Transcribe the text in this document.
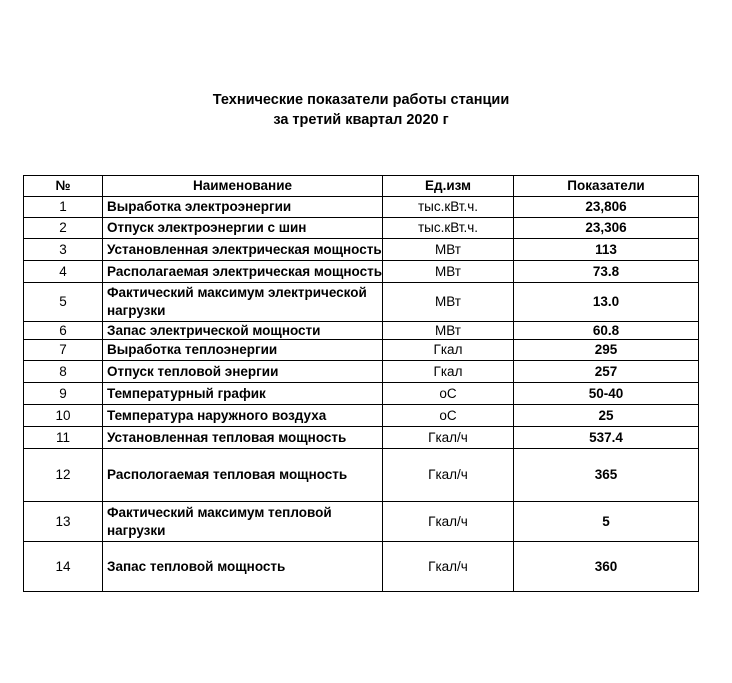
Технические показатели работы станции
за третий квартал 2020 г
№	Наименование	Ед.изм	Показатели
1	Выработка электроэнергии	тыс.кВт.ч.	23,806
2	Отпуск электроэнергии с шин	тыс.кВт.ч.	23,306
3	Установленная электрическая мощность	МВт	113
4	Располагаемая электрическая мощность	МВт	73.8
5	Фактический максимум электрической нагрузки	МВт	13.0
6	Запас электрической мощности	МВт	60.8
7	Выработка теплоэнергии	Гкал	295
8	Отпуск тепловой энергии	Гкал	257
9	Температурный график	оС	50-40
10	Температура наружного воздуха	оС	25
11	Установленная тепловая мощность	Гкал/ч	537.4
12	Распологаемая тепловая мощность	Гкал/ч	365
13	Фактический максимум тепловой нагрузки	Гкал/ч	5
14	Запас тепловой мощность	Гкал/ч	360
